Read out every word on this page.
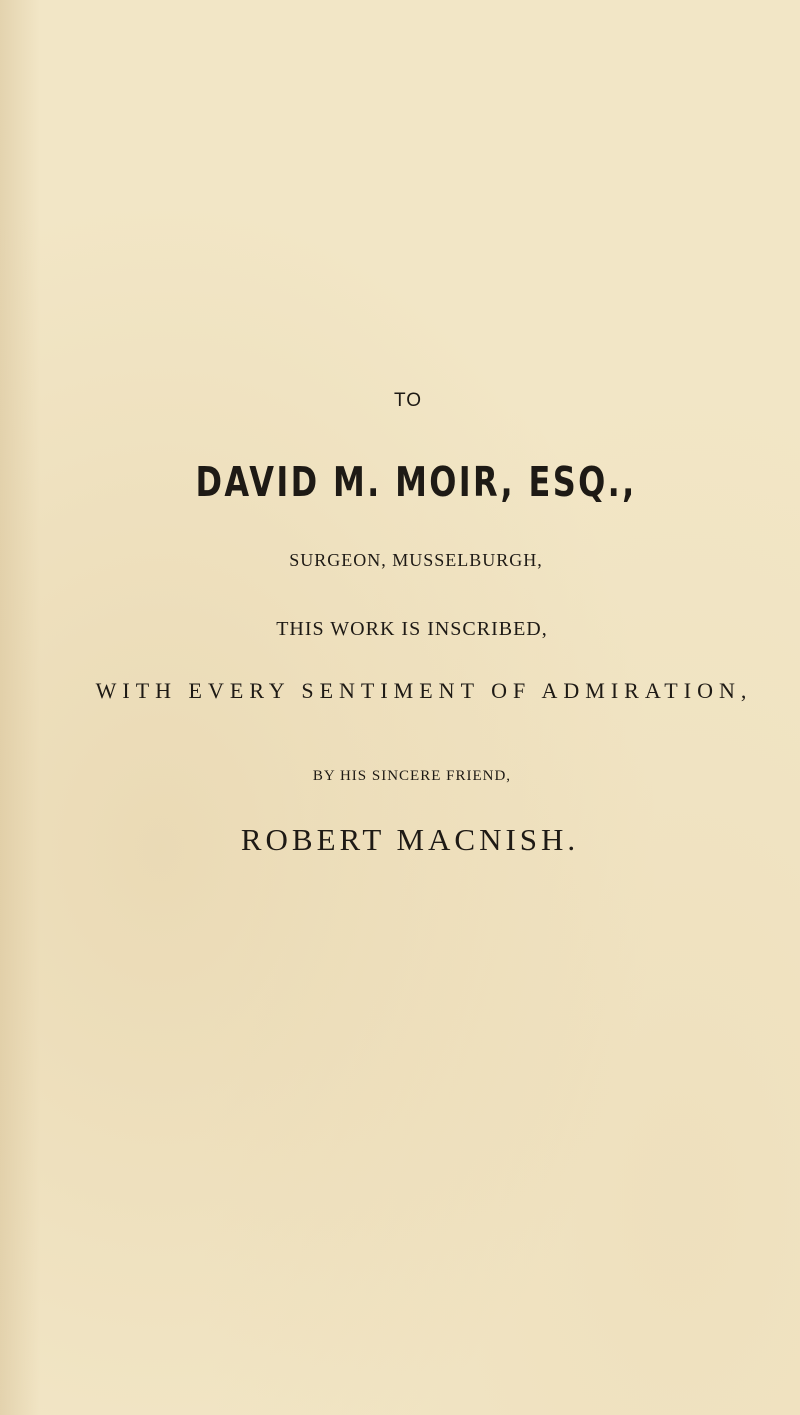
TO
DAVID M. MOIR, ESQ.,
SURGEON, MUSSELBURGH,
THIS WORK IS INSCRIBED,
WITH EVERY SENTIMENT OF ADMIRATION,
BY HIS SINCERE FRIEND,
ROBERT MACNISH.
